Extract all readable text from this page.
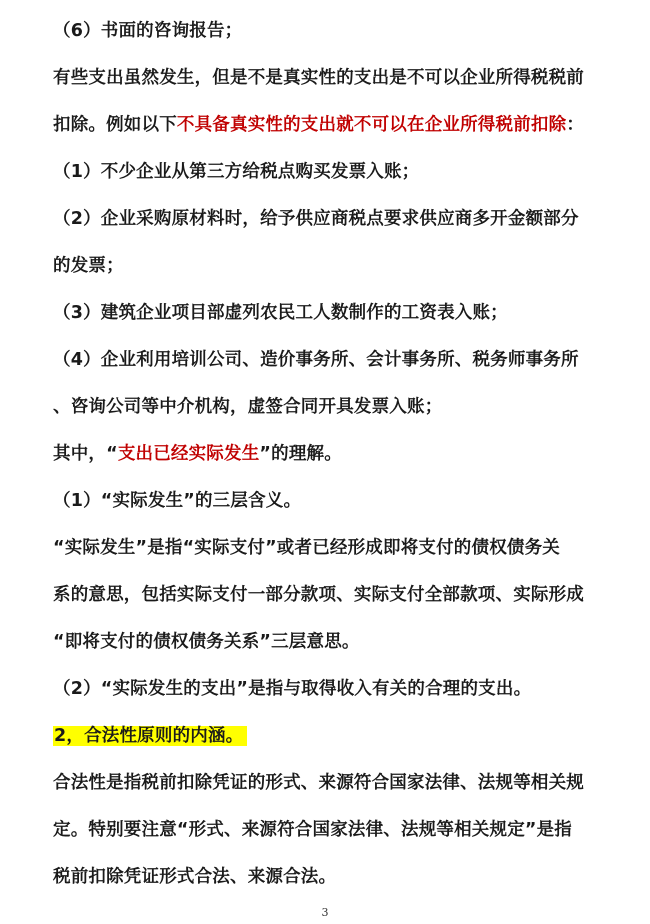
（6）书面的咨询报告；
有些支出虽然发生，但是不是真实性的支出是不可以企业所得税税前
扣除。例如以下不具备真实性的支出就不可以在企业所得税前扣除：
（1）不少企业从第三方给税点购买发票入账；
（2）企业采购原材料时，给予供应商税点要求供应商多开金额部分
的发票；
（3）建筑企业项目部虚列农民工人数制作的工资表入账；
（4）企业利用培训公司、造价事务所、会计事务所、税务师事务所
、咨询公司等中介机构，虚签合同开具发票入账；
其中，“支出已经实际发生”的理解。
（1）“实际发生”的三层含义。
“实际发生”是指“实际支付”或者已经形成即将支付的债权债务关
系的意思，包括实际支付一部分款项、实际支付全部款项、实际形成
“即将支付的债权债务关系”三层意思。
（2）“实际发生的支出”是指与取得收入有关的合理的支出。
2，合法性原则的内涵。
合法性是指税前扣除凭证的形式、来源符合国家法律、法规等相关规
定。特别要注意“形式、来源符合国家法律、法规等相关规定”是指
税前扣除凭证形式合法、来源合法。
3
